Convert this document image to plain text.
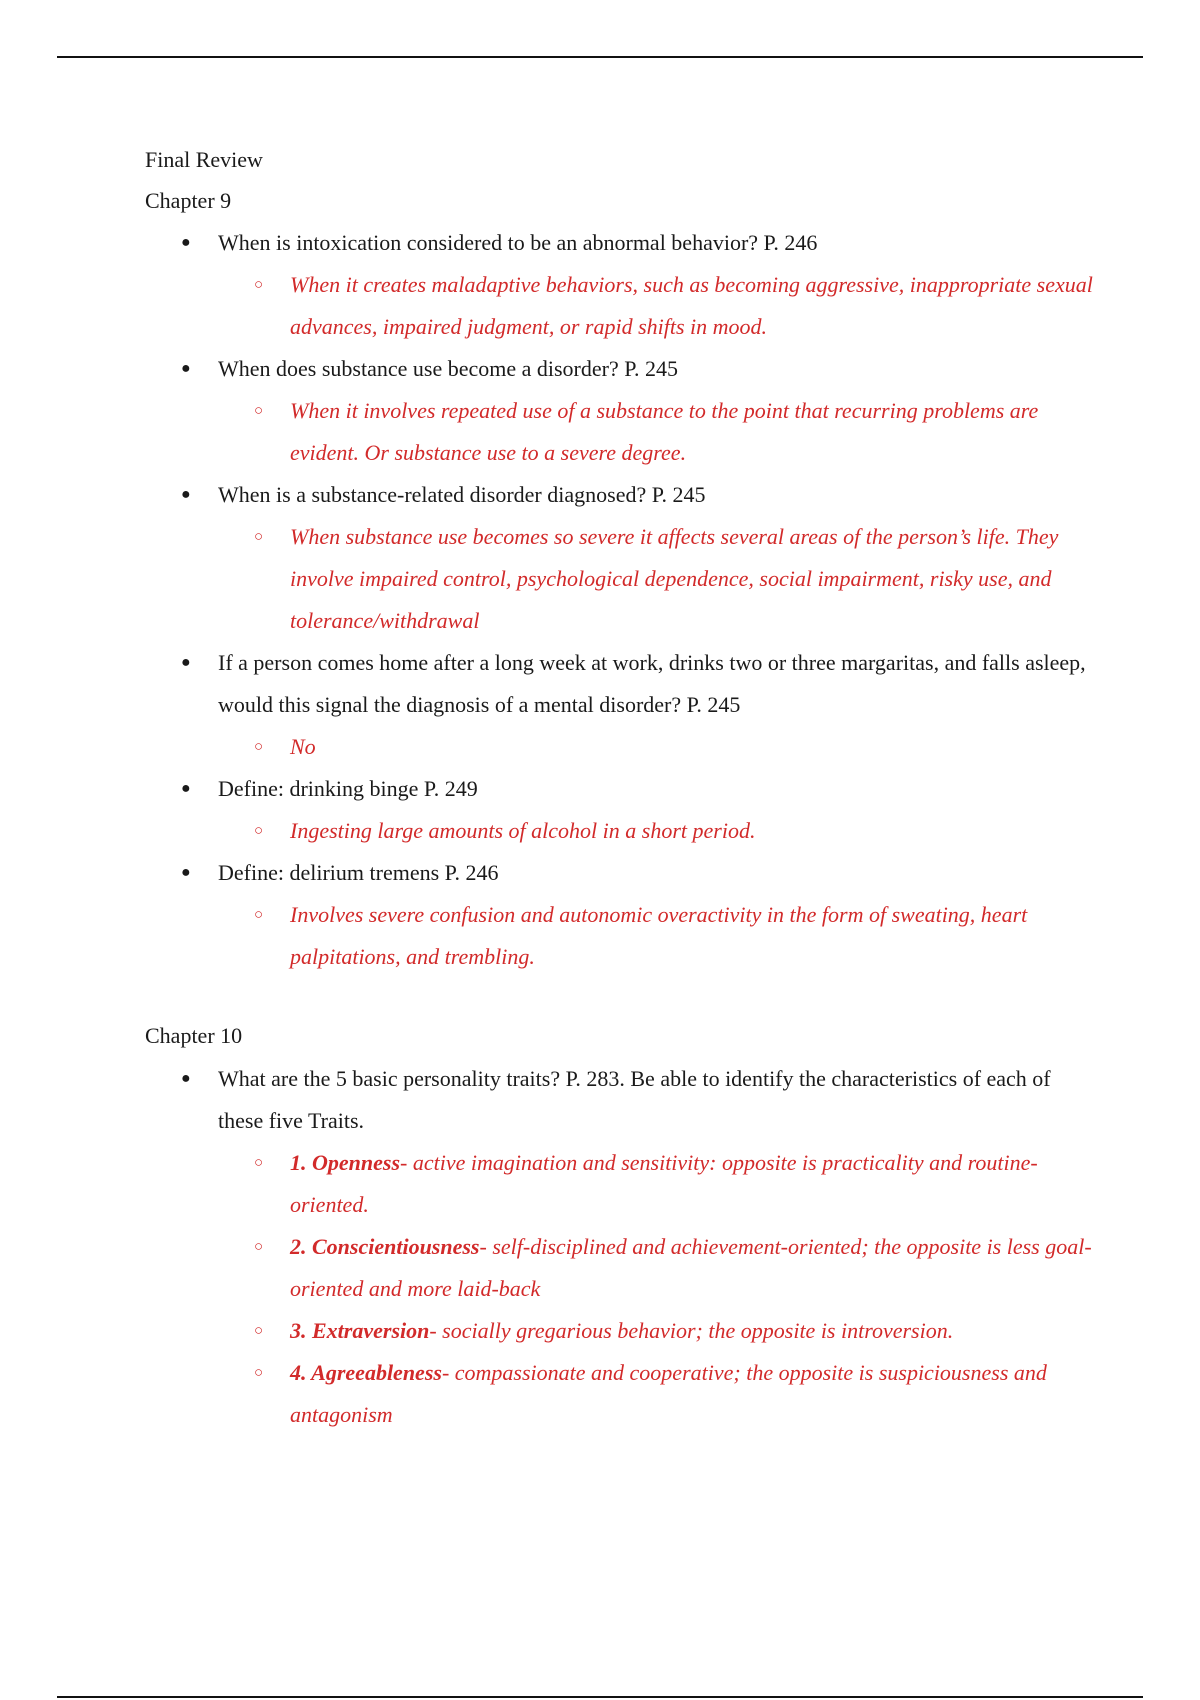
Final Review
Chapter 9
● When is intoxication considered to be an abnormal behavior? P. 246
○ When it creates maladaptive behaviors, such as becoming aggressive, inappropriate sexual advances, impaired judgment, or rapid shifts in mood.
● When does substance use become a disorder? P. 245
○ When it involves repeated use of a substance to the point that recurring problems are evident. Or substance use to a severe degree.
● When is a substance-related disorder diagnosed? P. 245
○ When substance use becomes so severe it affects several areas of the person’s life. They involve impaired control, psychological dependence, social impairment, risky use, and tolerance/withdrawal
● If a person comes home after a long week at work, drinks two or three margaritas, and falls asleep, would this signal the diagnosis of a mental disorder? P. 245
○ No
● Define: drinking binge P. 249
○ Ingesting large amounts of alcohol in a short period.
● Define: delirium tremens P. 246
○ Involves severe confusion and autonomic overactivity in the form of sweating, heart palpitations, and trembling.
Chapter 10
● What are the 5 basic personality traits? P. 283. Be able to identify the characteristics of each of these five Traits.
○ 1. Openness- active imagination and sensitivity: opposite is practicality and routine-oriented.
○ 2. Conscientiousness- self-disciplined and achievement-oriented; the opposite is less goal-oriented and more laid-back
○ 3. Extraversion- socially gregarious behavior; the opposite is introversion.
○ 4. Agreeableness- compassionate and cooperative; the opposite is suspiciousness and antagonism
